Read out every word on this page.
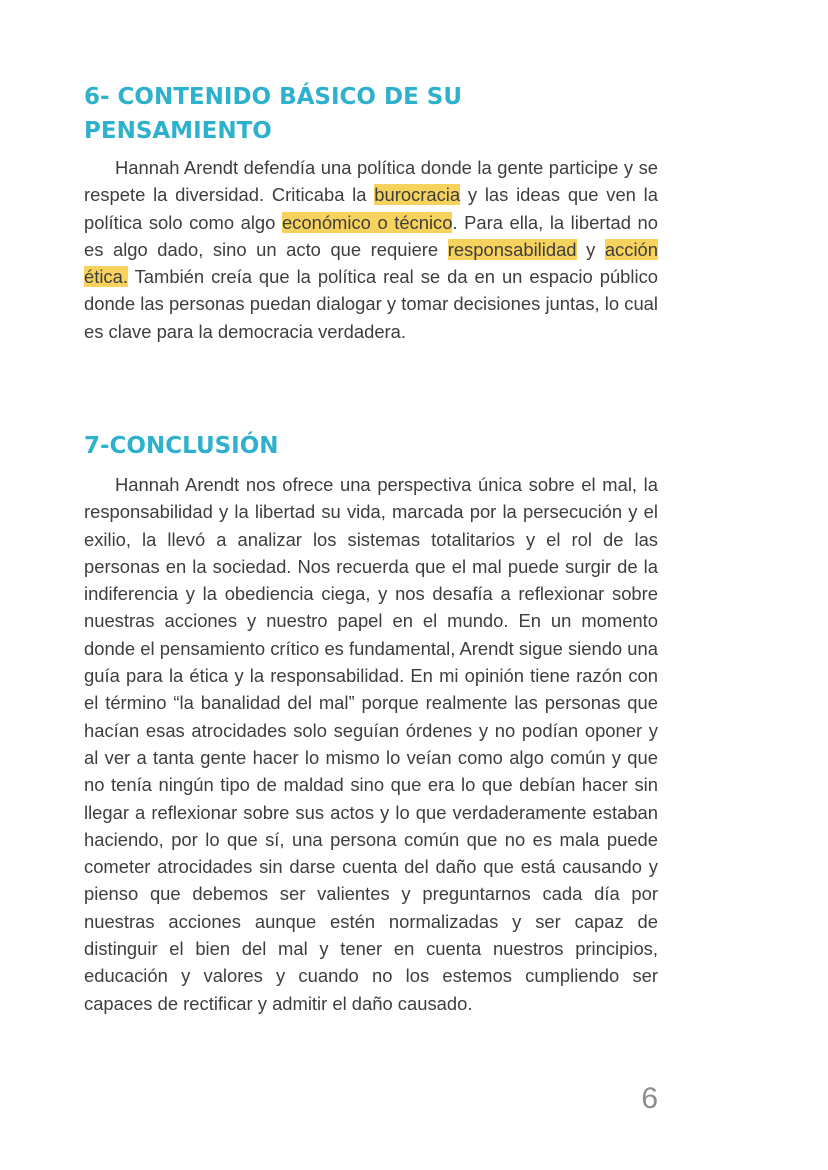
6- CONTENIDO BÁSICO DE SU
PENSAMIENTO

Hannah Arendt defendía una política donde la gente participe y se respete la diversidad. Criticaba la burocracia y las ideas que ven la política solo como algo económico o técnico. Para ella, la libertad no es algo dado, sino un acto que requiere responsabilidad y acción ética. También creía que la política real se da en un espacio público donde las personas puedan dialogar y tomar decisiones juntas, lo cual es clave para la democracia verdadera.

7-CONCLUSIÓN

Hannah Arendt nos ofrece una perspectiva única sobre el mal, la responsabilidad y la libertad su vida, marcada por la persecución y el exilio, la llevó a analizar los sistemas totalitarios y el rol de las personas en la sociedad. Nos recuerda que el mal puede surgir de la indiferencia y la obediencia ciega, y nos desafía a reflexionar sobre nuestras acciones y nuestro papel en el mundo. En un momento donde el pensamiento crítico es fundamental, Arendt sigue siendo una guía para la ética y la responsabilidad. En mi opinión tiene razón con el término “la banalidad del mal” porque realmente las personas que hacían esas atrocidades solo seguían órdenes y no podían oponer y al ver a tanta gente hacer lo mismo lo veían como algo común y que no tenía ningún tipo de maldad sino que era lo que debían hacer sin llegar a reflexionar sobre sus actos y lo que verdaderamente estaban haciendo, por lo que sí, una persona común que no es mala puede cometer atrocidades sin darse cuenta del daño que está causando y pienso que debemos ser valientes y preguntarnos cada día por nuestras acciones aunque estén normalizadas y ser capaz de distinguir el bien del mal y tener en cuenta nuestros principios, educación y valores y cuando no los estemos cumpliendo ser capaces de rectificar y admitir el daño causado.

6
